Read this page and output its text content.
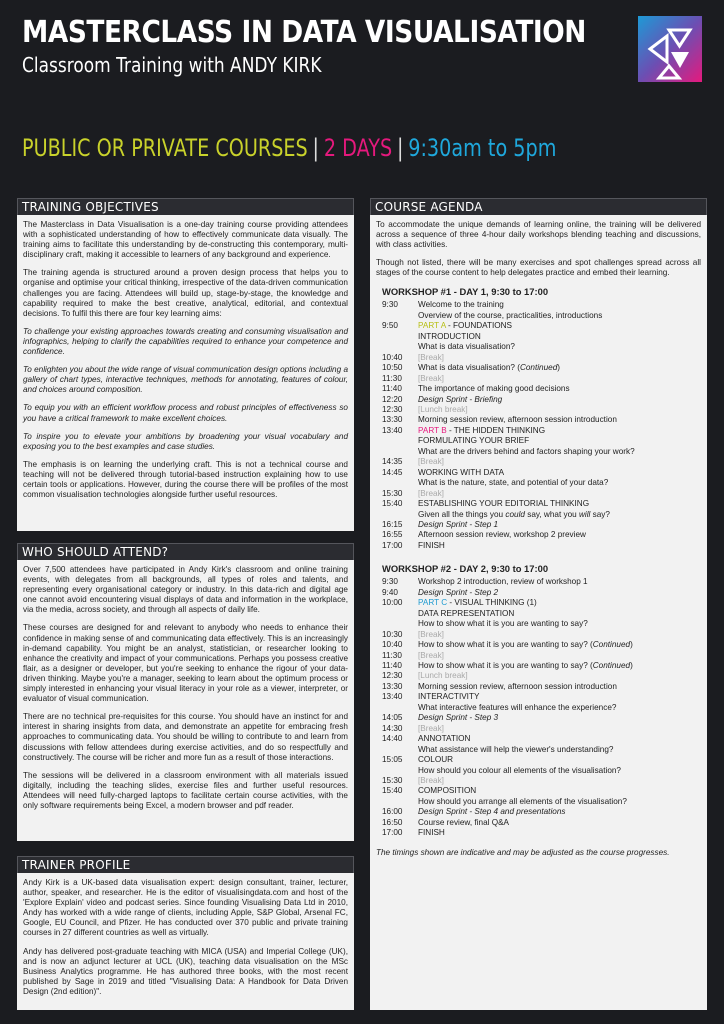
MASTERCLASS IN DATA VISUALISATION
Classroom Training with ANDY KIRK
PUBLIC OR PRIVATE COURSES | 2 DAYS | 9:30am to 5pm
TRAINING OBJECTIVES

The Masterclass in Data Visualisation is a one-day training course providing attendees with a sophisticated understanding of how to effectively communicate data visually. The training aims to facilitate this understanding by de-constructing this contemporary, multi-disciplinary craft, making it accessible to learners of any background and experience.

The training agenda is structured around a proven design process that helps you to organise and optimise your critical thinking, irrespective of the data-driven communication challenges you are facing. Attendees will build up, stage-by-stage, the knowledge and capability required to make the best creative, analytical, editorial, and contextual decisions. To fulfil this there are four key learning aims:

To challenge your existing approaches towards creating and consuming visualisation and infographics, helping to clarify the capabilities required to enhance your competence and confidence.

To enlighten you about the wide range of visual communication design options including a gallery of chart types, interactive techniques, methods for annotating, features of colour, and choices around composition.

To equip you with an efficient workflow process and robust principles of effectiveness so you have a critical framework to make excellent choices.

To inspire you to elevate your ambitions by broadening your visual vocabulary and exposing you to the best examples and case studies.

The emphasis is on learning the underlying craft. This is not a technical course and teaching will not be delivered through tutorial-based instruction explaining how to use certain tools or applications. However, during the course there will be profiles of the most common visualisation technologies alongside further useful resources.

WHO SHOULD ATTEND?

Over 7,500 attendees have participated in Andy Kirk's classroom and online training events, with delegates from all backgrounds, all types of roles and talents, and representing every organisational category or industry. In this data-rich and digital age one cannot avoid encountering visual displays of data and information in the workplace, via the media, across society, and through all aspects of daily life.

These courses are designed for and relevant to anybody who needs to enhance their confidence in making sense of and communicating data effectively. This is an increasingly in-demand capability. You might be an analyst, statistician, or researcher looking to enhance the creativity and impact of your communications. Perhaps you possess creative flair, as a designer or developer, but you're seeking to enhance the rigour of your data-driven thinking. Maybe you're a manager, seeking to learn about the optimum process or simply interested in enhancing your visual literacy in your role as a viewer, interpreter, or evaluator of visual communication.

There are no technical pre-requisites for this course. You should have an instinct for and interest in sharing insights from data, and demonstrate an appetite for embracing fresh approaches to communicating data. You should be willing to contribute to and learn from discussions with fellow attendees during exercise activities, and do so respectfully and constructively. The course will be richer and more fun as a result of those interactions.

The sessions will be delivered in a classroom environment with all materials issued digitally, including the teaching slides, exercise files and further useful resources. Attendees will need fully-charged laptops to facilitate certain course activities, with the only software requirements being Excel, a modern browser and pdf reader.

TRAINER PROFILE

Andy Kirk is a UK-based data visualisation expert: design consultant, trainer, lecturer, author, speaker, and researcher. He is the editor of visualisingdata.com and host of the 'Explore Explain' video and podcast series. Since founding Visualising Data Ltd in 2010, Andy has worked with a wide range of clients, including Apple, S&P Global, Arsenal FC, Google, EU Council, and Pfizer. He has conducted over 370 public and private training courses in 27 different countries as well as virtually.

Andy has delivered post-graduate teaching with MICA (USA) and Imperial College (UK), and is now an adjunct lecturer at UCL (UK), teaching data visualisation on the MSc Business Analytics programme. He has authored three books, with the most recent published by Sage in 2019 and titled "Visualising Data: A Handbook for Data Driven Design (2nd edition)".

COURSE AGENDA

To accommodate the unique demands of learning online, the training will be delivered across a sequence of three 4-hour daily workshops blending teaching and discussions, with class activities.

Though not listed, there will be many exercises and spot challenges spread across all stages of the course content to help delegates practice and embed their learning.

WORKSHOP #1 - DAY 1, 9:30 to 17:00
9:30	Welcome to the training
Overview of the course, practicalities, introductions
9:50	PART A - FOUNDATIONS
INTRODUCTION
What is data visualisation?
10:40	[Break]
10:50	What is data visualisation? (Continued)
11:30	[Break]
11:40	The importance of making good decisions
12:20	Design Sprint - Briefing
12:30	[Lunch break]
13:30	Morning session review, afternoon session introduction
13:40	PART B - THE HIDDEN THINKING
FORMULATING YOUR BRIEF
What are the drivers behind and factors shaping your work?
14:35	[Break]
14:45	WORKING WITH DATA
What is the nature, state, and potential of your data?
15:30	[Break]
15:40	ESTABLISHING YOUR EDITORIAL THINKING
Given all the things you could say, what you will say?
16:15	Design Sprint - Step 1
16:55	Afternoon session review, workshop 2 preview
17:00	FINISH
WORKSHOP #2 - DAY 2, 9:30 to 17:00
9:30	Workshop 2 introduction, review of workshop 1
9:40	Design Sprint - Step 2
10:00	PART C - VISUAL THINKING (1)
DATA REPRESENTATION
How to show what it is you are wanting to say?
10:30	[Break]
10:40	How to show what it is you are wanting to say? (Continued)
11:30	[Break]
11:40	How to show what it is you are wanting to say? (Continued)
12:30	[Lunch break]
13:30	Morning session review, afternoon session introduction
13:40	INTERACTIVITY
What interactive features will enhance the experience?
14:05	Design Sprint - Step 3
14:30	[Break]
14:40	ANNOTATION
What assistance will help the viewer's understanding?
15:05	COLOUR
How should you colour all elements of the visualisation?
15:30	[Break]
15:40	COMPOSITION
How should you arrange all elements of the visualisation?
16:00	Design Sprint - Step 4 and presentations
16:50	Course review, final Q&A
17:00	FINISH
The timings shown are indicative and may be adjusted as the course progresses.
